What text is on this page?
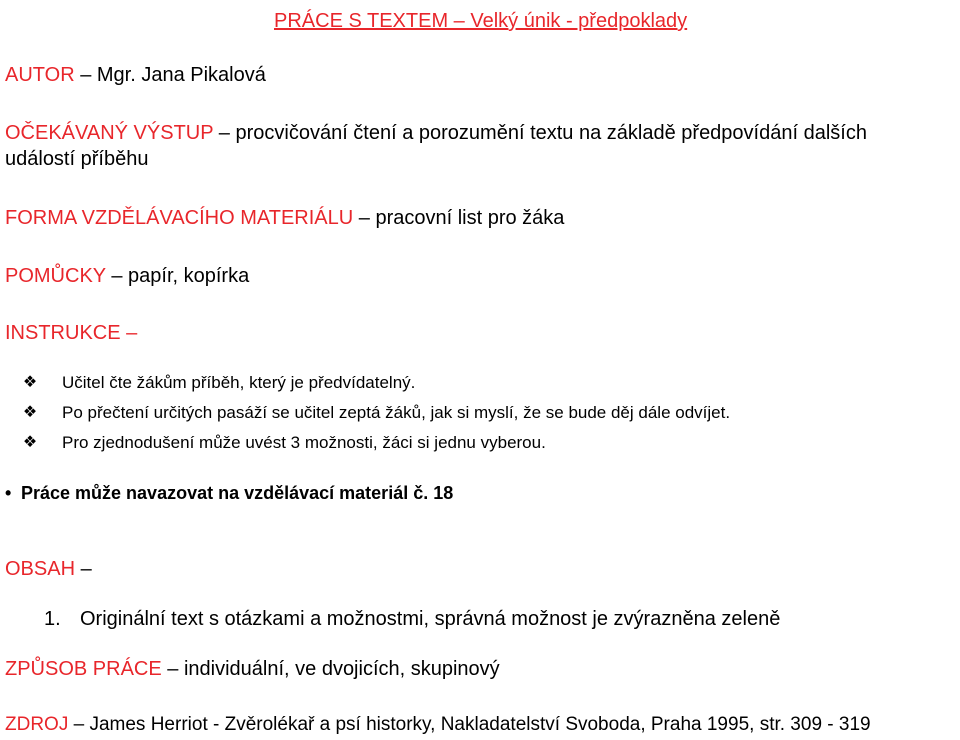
PRÁCE S TEXTEM – Velký únik - předpoklady
AUTOR – Mgr. Jana Pikalová
OČEKÁVANÝ VÝSTUP – procvičování čtení a porozumění textu na základě předpovídání dalších
událostí příběhu
FORMA VZDĚLÁVACÍHO MATERIÁLU – pracovní list pro žáka
POMŮCKY – papír, kopírka
INSTRUKCE –
❖ Učitel čte žákům příběh, který je předvídatelný.
❖ Po přečtení určitých pasáží se učitel zeptá žáků, jak si myslí, že se bude děj dále odvíjet.
❖ Pro zjednodušení může uvést 3 možnosti, žáci si jednu vyberou.
• Práce může navazovat na vzdělávací materiál č. 18
OBSAH –
1. Originální text s otázkami a možnostmi, správná možnost je zvýrazněna zeleně
ZPŮSOB PRÁCE – individuální, ve dvojicích, skupinový
ZDROJ – James Herriot - Zvěrolékař a psí historky, Nakladatelství Svoboda, Praha 1995, str. 309 - 319
